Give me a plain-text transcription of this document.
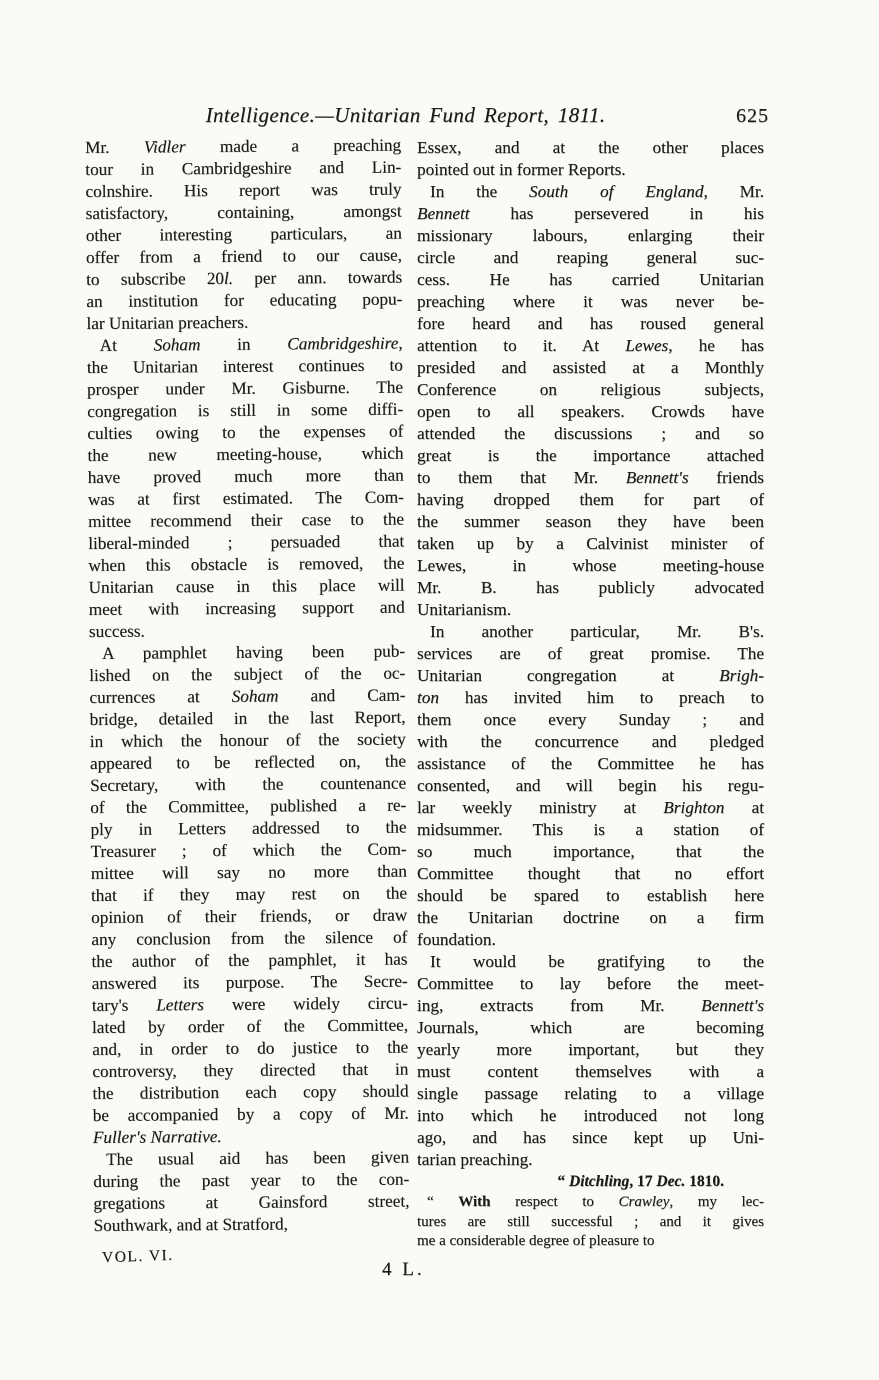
Intelligence.—Unitarian Fund Report, 1811.	625

Mr. Vidler made a preaching
tour in Cambridgeshire and Lin-
colnshire. His report was truly
satisfactory, containing, amongst
other interesting particulars, an
offer from a friend to our cause,
to subscribe 20l. per ann. towards
an institution for educating popu-
lar Unitarian preachers.

At Soham in Cambridgeshire,
the Unitarian interest continues to
prosper under Mr. Gisburne. The
congregation is still in some diffi-
culties owing to the expenses of
the new meeting-house, which
have proved much more than
was at first estimated. The Com-
mittee recommend their case to the
liberal-minded ; persuaded that
when this obstacle is removed, the
Unitarian cause in this place will
meet with increasing support and
success.

A pamphlet having been pub-
lished on the subject of the oc-
currences at Soham and Cam-
bridge, detailed in the last Report,
in which the honour of the society
appeared to be reflected on, the
Secretary, with the countenance
of the Committee, published a re-
ply in Letters addressed to the
Treasurer ; of which the Com-
mittee will say no more than
that if they may rest on the
opinion of their friends, or draw
any conclusion from the silence of
the author of the pamphlet, it has
answered its purpose. The Secre-
tary's Letters were widely circu-
lated by order of the Committee,
and, in order to do justice to the
controversy, they directed that in
the distribution each copy should
be accompanied by a copy of Mr.
Fuller's Narrative.

The usual aid has been given
during the past year to the con-
gregations at Gainsford street,
Southwark, and at Stratford,

Essex, and at the other places
pointed out in former Reports.

In the South of England, Mr.
Bennett has persevered in his
missionary labours, enlarging their
circle and reaping general suc-
cess. He has carried Unitarian
preaching where it was never be-
fore heard and has roused general
attention to it. At Lewes, he has
presided and assisted at a Monthly
Conference on religious subjects,
open to all speakers. Crowds have
attended the discussions ; and so
great is the importance attached
to them that Mr. Bennett's friends
having dropped them for part of
the summer season they have been
taken up by a Calvinist minister of
Lewes, in whose meeting-house
Mr. B. has publicly advocated
Unitarianism.

In another particular, Mr. B's.
services are of great promise. The
Unitarian congregation at Brigh-
ton has invited him to preach to
them once every Sunday ; and
with the concurrence and pledged
assistance of the Committee he has
consented, and will begin his regu-
lar weekly ministry at Brighton at
midsummer. This is a station of
so much importance, that the
Committee thought that no effort
should be spared to establish here
the Unitarian doctrine on a firm
foundation.

It would be gratifying to the
Committee to lay before the meet-
ing, extracts from Mr. Bennett's
Journals, which are becoming
yearly more important, but they
must content themselves with a
single passage relating to a village
into which he introduced not long
ago, and has since kept up Uni-
tarian preaching.

“ Ditchling, 17 Dec. 1810.

“ With respect to Crawley, my lec-
tures are still successful ; and it gives
me a considerable degree of pleasure to

VOL. VI.
4 L.
